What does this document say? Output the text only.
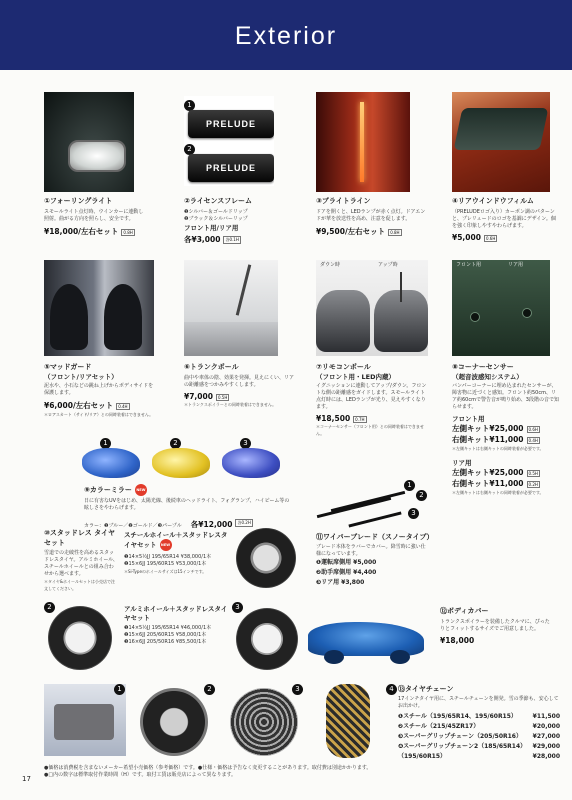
Exterior
1
PRELUDE
2
PRELUDE
①フォーリングライト
スモールライト点灯時、ウインカーに連動し照射。曲がる方向を照らし、安全です。
¥18,000/左右セット 0.8H
②ライセンスフレーム
❶シルバー＆ゴールドリップ
❷ブラック＆シルバーリップ
フロント用/リア用
各¥3,000 各0.1H
③ブライトライン
ドアを開くと、LEDランプが赤く点灯。ドアエンドが華を放送性を高め、注意を促します。
¥9,500/左右セット 0.8H
④リアウインドウフィルム
（PRELUDEロゴ入り）カーボン調のパターンと、プレリュードのロゴを基調にデザイン。個を強く印象しやすやわらげます。
¥5,000 0.6H
ダウン時	アップ時	フロント用	リア用
⑤マッドガード
（フロント/リアセット）
泥水や、小石などの跳ね上げからボディサイドを保護します。
¥6,000/左右セット 0.4H
＊ロアスカート（サイド/リア）との同時装着はできません。
⑥トランクポール
曲中や車体の陰、効果を発揮。見えにくい、リアの距離感をつかみやすくします。
¥7,000 0.5H
＊トランクスポイラーとの同時装着はできません。
⑦リモコンポール
（フロント用・LED内蔵）
イグニッションに連動してアップ/ダウン。フロントな側の距離感をガイドします。スモールライト点灯時には、LEDランプが光り、見えやすくなります。
¥18,500 0.7H
＊コーナーセンサー（フロント用）との同時装着はできません。
⑧コーナーセンサー
（超音波感知システム）
バンパーコーナーに埋め込まれたセンサーが、障害物に近づくと感知。フロント約50cm、リア約60cmで警告音が鳴り始め、3段階の音で知らせます。
フロント用
左側キット¥25,000 0.6H
右側キット¥11,000 0.4H
＊左側キットは右側キットの同時装着が必要です。
リア用
左側キット¥25,000 0.5H
右側キット¥11,000 0.2H
＊左側キットは右側キットの同時装着が必要です。
1	2	3
⑨カラーミラー NEW
日に有害なUVをはじめ、太陽光線、後続車のヘッドライト、フォグランプ、ハイビーム等の眩しさをやわらげます。
カラー：❶ブルー／❷ゴールド／❸パープル 各¥12,000 各0.2H
⑩スタッドレス タイヤセット
雪道での走破性を高めるスタッドレスタイヤ。アルミホイール、スチールホイールとの組み合わせから選べます。
＊タイヤ&ホイールセットは小売店で注文してください。
スチールホイール＋スタッドレスタイヤセット NEW
❶14×5½JJ 195/65R14 ¥38,000/1本
❷15×6JJ 195/60R15 ¥53,000/1本
＊Si-Typeのホイールサイズは15インチです。
2	アルミホイール＋スタッドレスタイヤセット
❶14×5½JJ 195/65R14 ¥46,000/1本
❷15×6JJ 205/60R15 ¥58,000/1本
❸16×6JJ 205/50R16 ¥85,500/1本
3
1
2
3
⑪ワイパーブレード（スノータイプ）
ブレード本体をラバーでカバー。降雪時に強い仕様になっています。
❶運転席側用 ¥5,000
❷助手席側用 ¥4,400
❸リア用 ¥3,800
⑫ボディカバー
トランクスポイラーを装備したクルマに、ぴったりとフィットするサイズでご用意しました。
¥18,000
1	2	3	4 ⑬タイヤチェーン
17インチタイヤ用に、スチールチェーンを開発。雪の季節も、安心してお出かけ。
❶スチール（195/65R14、195/60R15）	¥11,500
❷スチール（215/45ZR17）	¥20,000
❸スーパーグリップチェーン（205/50R16） ¥27,000
❹スーパーグリップチェーン2（185/65R14） ¥29,000
（195/60R15）	¥28,000
17
●価格は消費税を含まないメーカー希望小売価格（参考価格）です。●仕様・価格は予告なく変更することがあります。取付費は別途かかります。
●□内の数字は標準取付作業時間（H）です。取付工賃は販売店によって異なります。
